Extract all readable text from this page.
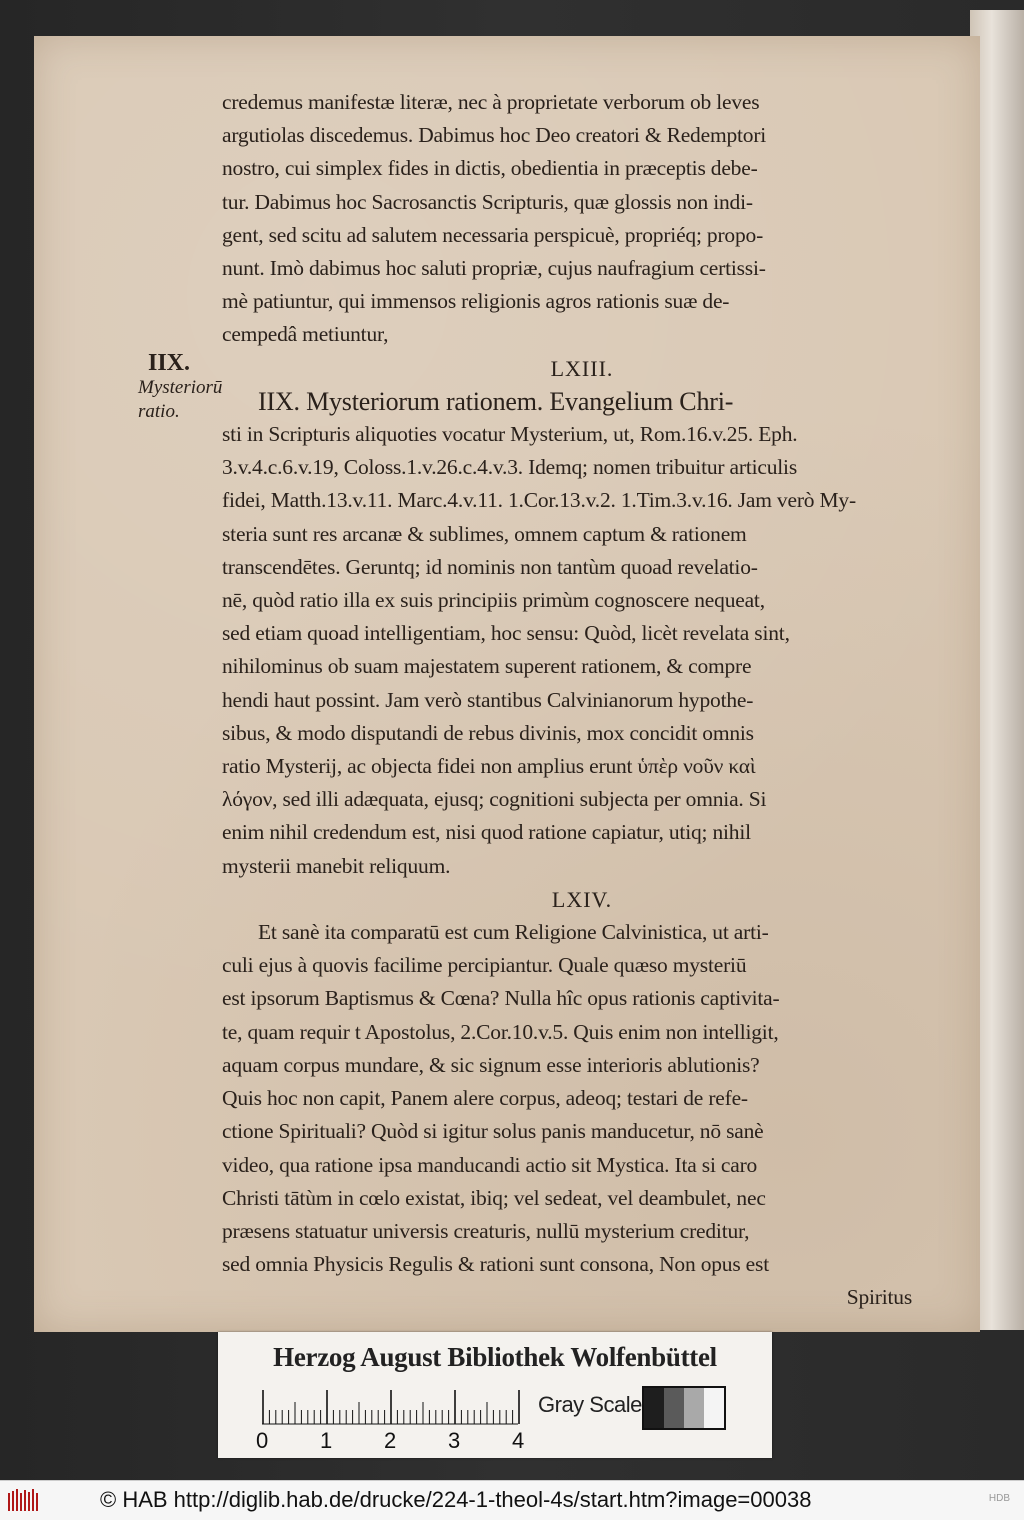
IIX.
Mysteriorū
ratio.
credemus manifestæ literæ, nec à proprietate verborum ob leves
argutiolas discedemus. Dabimus hoc Deo creatori & Redemptori
nostro, cui simplex fides in dictis, obedientia in præceptis debe-
tur. Dabimus hoc Sacrosanctis Scripturis, quæ glossis non indi-
gent, sed scitu ad salutem necessaria perspicuè, propriéq; propo-
nunt. Imò dabimus hoc saluti propriæ, cujus naufragium certissi-
mè patiuntur, qui immensos religionis agros rationis suæ de-
cempedâ metiuntur,
LXIII.
IIX. Mysteriorum rationem. Evangelium Chri-
sti in Scripturis aliquoties vocatur Mysterium, ut, Rom.16.v.25. Eph.
3.v.4.c.6.v.19, Coloss.1.v.26.c.4.v.3. Idemq; nomen tribuitur articulis
fidei, Matth.13.v.11. Marc.4.v.11. 1.Cor.13.v.2. 1.Tim.3.v.16. Jam verò My-
steria sunt res arcanæ & sublimes, omnem captum & rationem
transcendētes. Geruntq; id nominis non tantùm quoad revelatio-
nē, quòd ratio illa ex suis principiis primùm cognoscere nequeat,
sed etiam quoad intelligentiam, hoc sensu: Quòd, licèt revelata sint,
nihilominus ob suam majestatem superent rationem, & compre
hendi haut possint. Jam verò stantibus Calvinianorum hypothe-
sibus, & modo disputandi de rebus divinis, mox concidit omnis
ratio Mysterij, ac objecta fidei non amplius erunt ὑπὲρ νοῦν καὶ
λόγον, sed illi adæquata, ejusq; cognitioni subjecta per omnia. Si
enim nihil credendum est, nisi quod ratione capiatur, utiq; nihil
mysterii manebit reliquum.
LXIV.
Et sanè ita comparatū est cum Religione Calvinistica, ut arti-
culi ejus à quovis facilime percipiantur. Quale quæso mysteriū
est ipsorum Baptismus & Cœna? Nulla hîc opus rationis captivita-
te, quam requir t Apostolus, 2.Cor.10.v.5. Quis enim non intelligit,
aquam corpus mundare, & sic signum esse interioris ablutionis?
Quis hoc non capit, Panem alere corpus, adeoq; testari de refe-
ctione Spirituali? Quòd si igitur solus panis manducetur, nō sanè
video, qua ratione ipsa manducandi actio sit Mystica. Ita si caro
Christi tātùm in cœlo existat, ibiq; vel sedeat, vel deambulet, nec
præsens statuatur universis creaturis, nullū mysterium creditur,
sed omnia Physicis Regulis & rationi sunt consona, Non opus est
Spiritus
Herzog August Bibliothek Wolfenbüttel
0 1 2 3 4
Gray Scale
© HAB http://diglib.hab.de/drucke/224-1-theol-4s/start.htm?image=00038	HDB
